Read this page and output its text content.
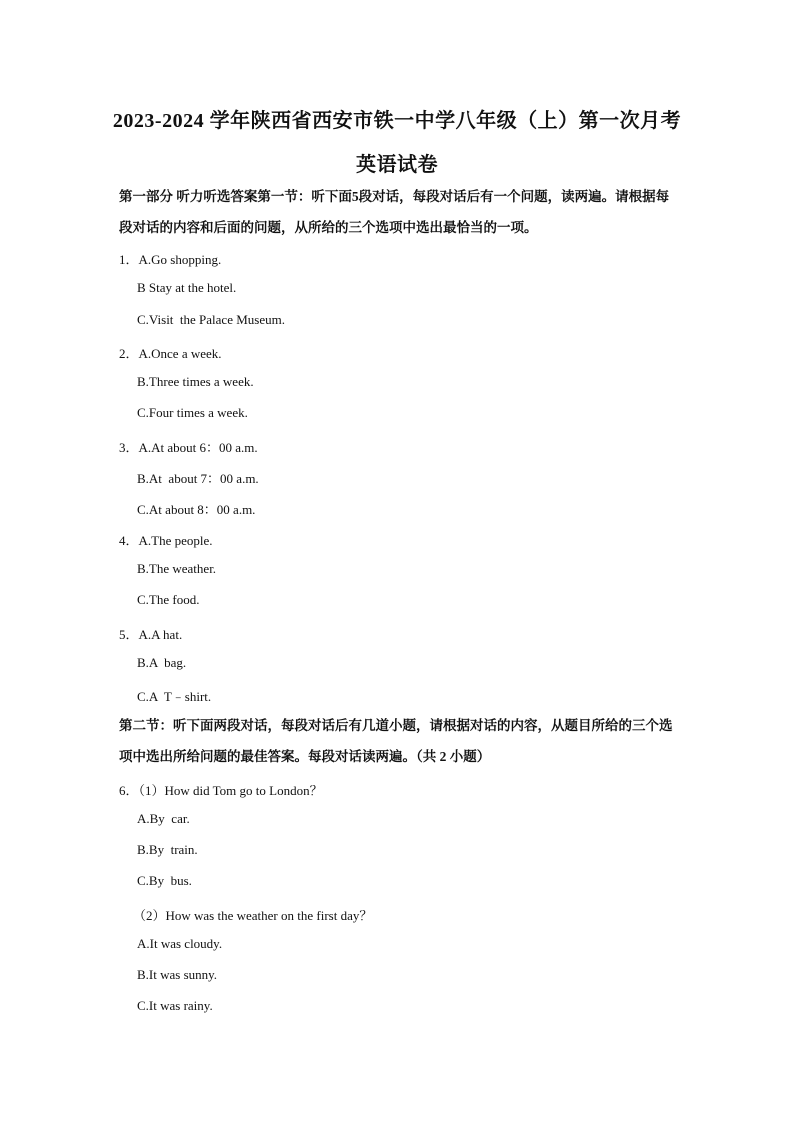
2023-2024 学年陕西省西安市铁一中学八年级（上）第一次月考
英语试卷
第一部分 听力听选答案第一节：听下面5段对话，每段对话后有一个问题，读两遍。请根据每段对话的内容和后面的问题，从所给的三个选项中选出最恰当的一项。
1．A.Go shopping.
B Stay at the hotel.
C.Visit  the Palace Museum.
2．A.Once a week.
B.Three times a week.
C.Four times a week.
3．A.At about 6：00 a.m.
B.At  about 7：00 a.m.
C.At about 8：00 a.m.
4．A.The people.
B.The weather.
C.The food.
5．A.A hat.
B.A  bag.
C.A  T﹣shirt.
第二节：听下面两段对话，每段对话后有几道小题，请根据对话的内容，从题目所给的三个选项中选出所给问题的最佳答案。每段对话读两遍。（共 2 小题）
6．（1）How did Tom go to London？
A.By  car.
B.By  train.
C.By  bus.
（2）How was the weather on the first day？
A.It was cloudy.
B.It was sunny.
C.It was rainy.
